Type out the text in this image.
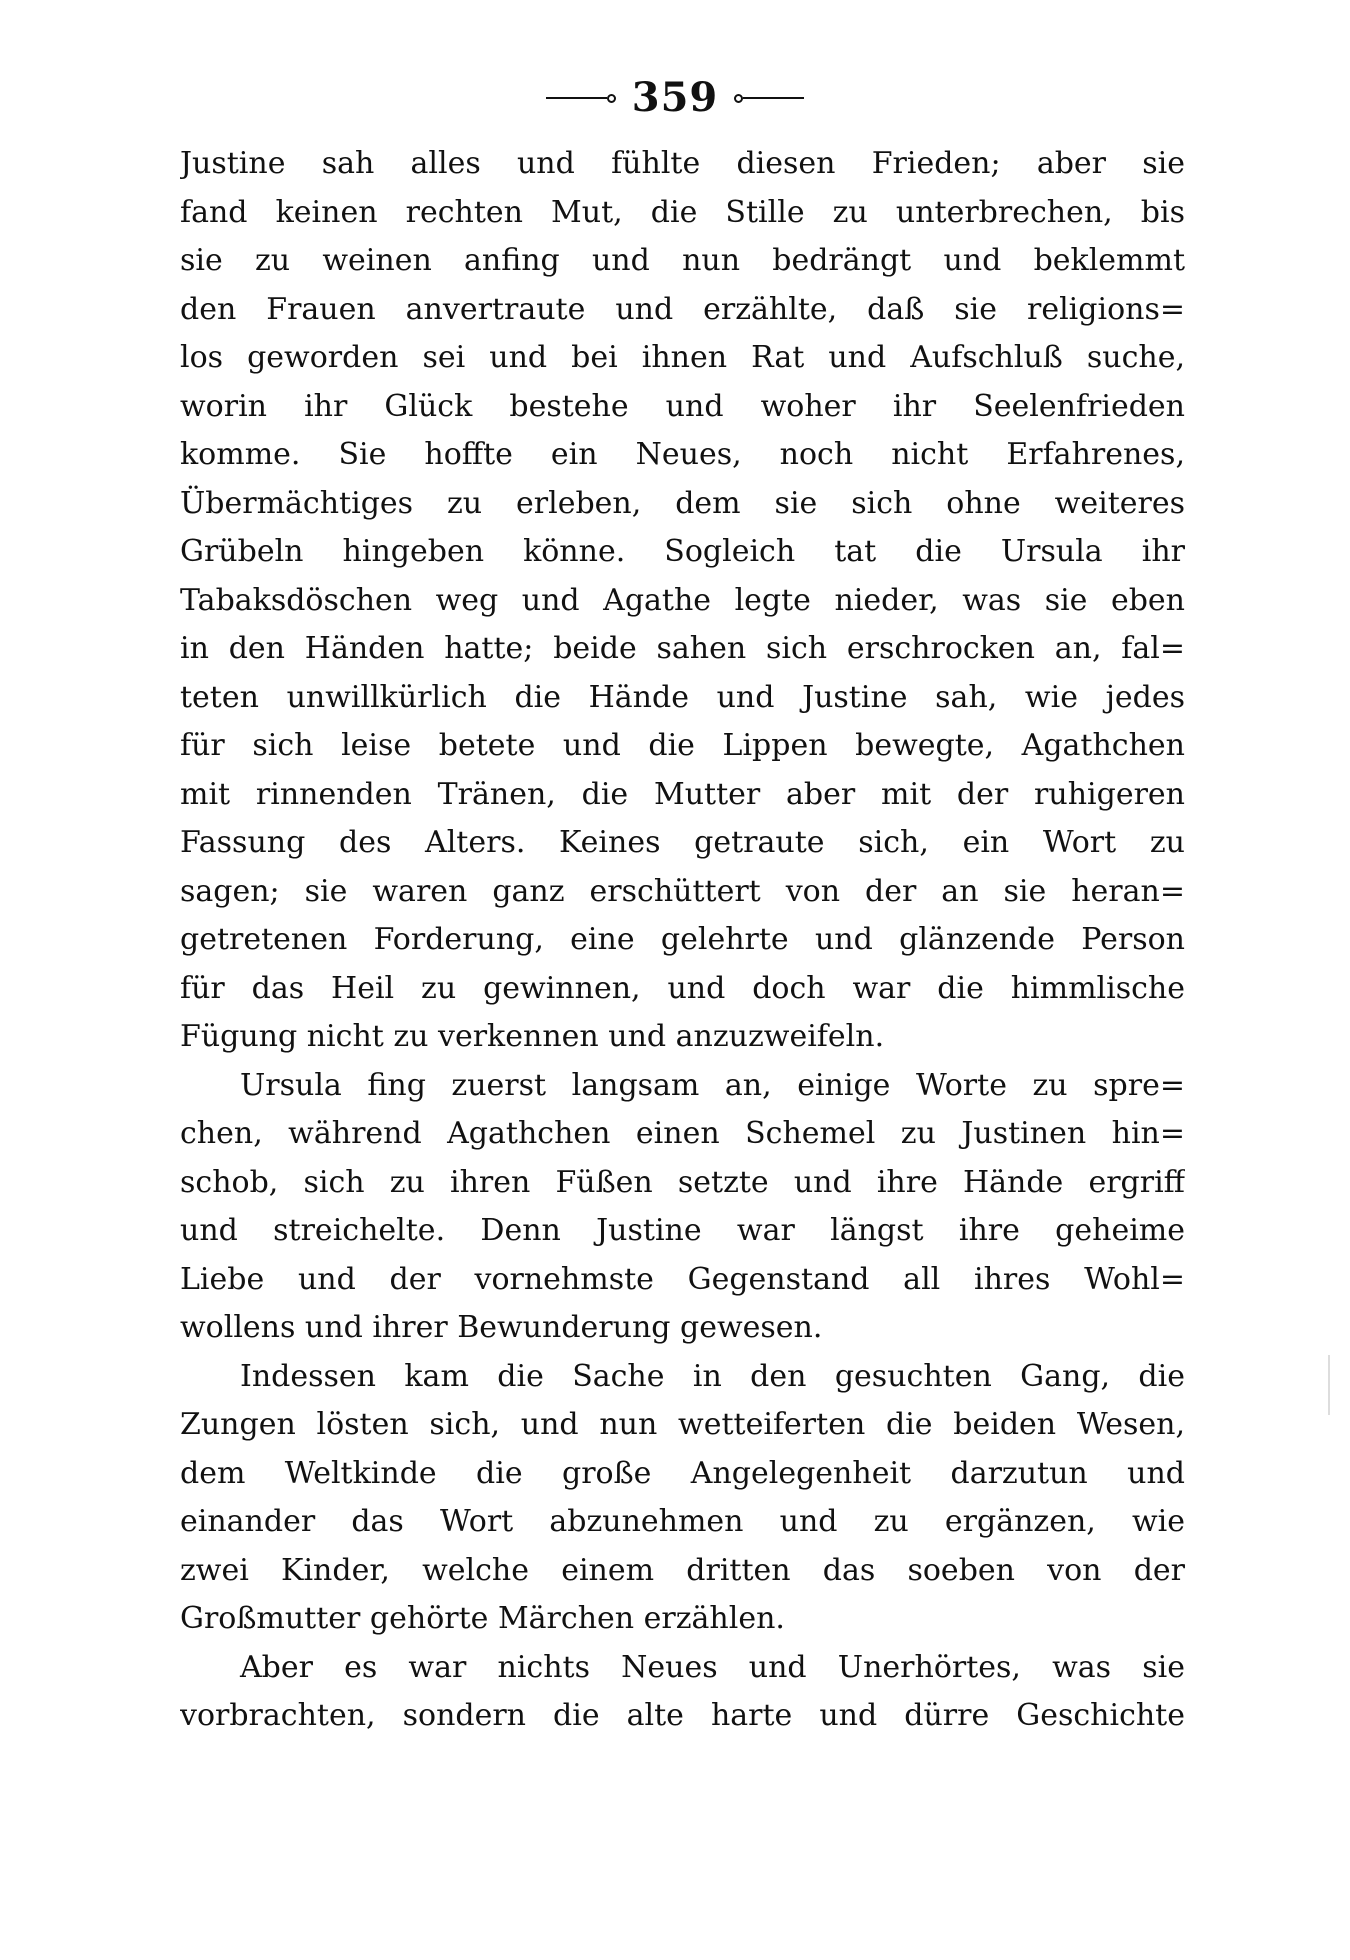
359
Justine sah alles und fühlte diesen Frieden; aber sie
fand keinen rechten Mut, die Stille zu unterbrechen, bis
sie zu weinen anfing und nun bedrängt und beklemmt
den Frauen anvertraute und erzählte, daß sie religions=
los geworden sei und bei ihnen Rat und Aufschluß suche,
worin ihr Glück bestehe und woher ihr Seelenfrieden
komme. Sie hoffte ein Neues, noch nicht Erfahrenes,
Übermächtiges zu erleben, dem sie sich ohne weiteres
Grübeln hingeben könne. Sogleich tat die Ursula ihr
Tabaksdöschen weg und Agathe legte nieder, was sie eben
in den Händen hatte; beide sahen sich erschrocken an, fal=
teten unwillkürlich die Hände und Justine sah, wie jedes
für sich leise betete und die Lippen bewegte, Agathchen
mit rinnenden Tränen, die Mutter aber mit der ruhigeren
Fassung des Alters. Keines getraute sich, ein Wort zu
sagen; sie waren ganz erschüttert von der an sie heran=
getretenen Forderung, eine gelehrte und glänzende Person
für das Heil zu gewinnen, und doch war die himmlische
Fügung nicht zu verkennen und anzuzweifeln.
Ursula fing zuerst langsam an, einige Worte zu spre=
chen, während Agathchen einen Schemel zu Justinen hin=
schob, sich zu ihren Füßen setzte und ihre Hände ergriff
und streichelte. Denn Justine war längst ihre geheime
Liebe und der vornehmste Gegenstand all ihres Wohl=
wollens und ihrer Bewunderung gewesen.
Indessen kam die Sache in den gesuchten Gang, die
Zungen lösten sich, und nun wetteiferten die beiden Wesen,
dem Weltkinde die große Angelegenheit darzutun und
einander das Wort abzunehmen und zu ergänzen, wie
zwei Kinder, welche einem dritten das soeben von der
Großmutter gehörte Märchen erzählen.
Aber es war nichts Neues und Unerhörtes, was sie
vorbrachten, sondern die alte harte und dürre Geschichte
